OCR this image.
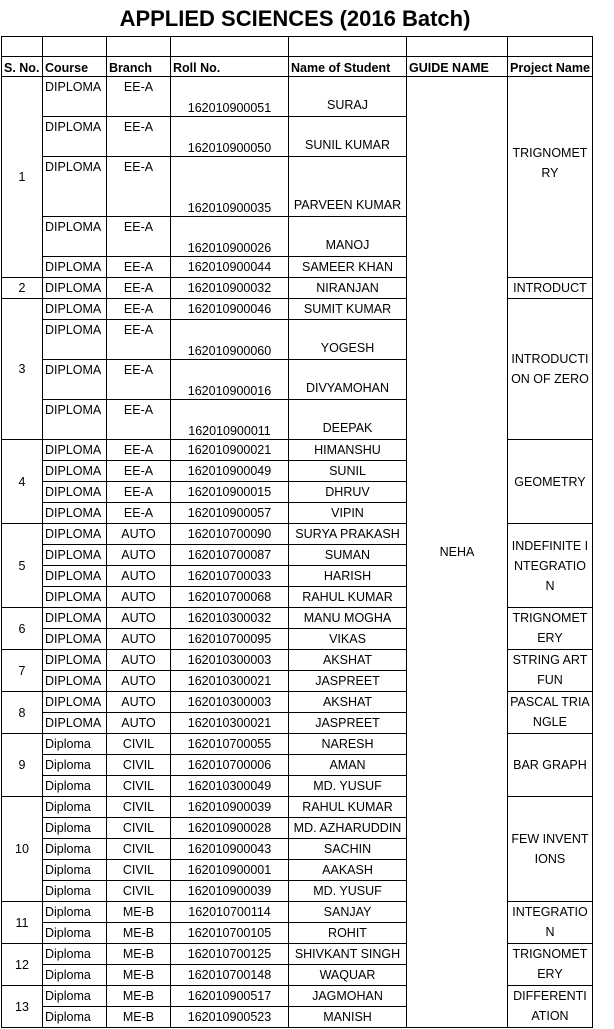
APPLIED SCIENCES (2016 Batch)

S. No.	Course	Branch	Roll No.	Name of Student	GUIDE NAME	Project Name
1	DIPLOMA	EE-A	162010900051	SURAJ	NEHA	TRIGNOMETRY
	DIPLOMA	EE-A	162010900050	SUNIL KUMAR		
	DIPLOMA	EE-A	162010900035	PARVEEN KUMAR		
	DIPLOMA	EE-A	162010900026	MANOJ		
	DIPLOMA	EE-A	162010900044	SAMEER KHAN		
2	DIPLOMA	EE-A	162010900032	NIRANJAN		INTRODUCT
3	DIPLOMA	EE-A	162010900046	SUMIT KUMAR		INTRODUCTION OF ZERO
	DIPLOMA	EE-A	162010900060	YOGESH		
	DIPLOMA	EE-A	162010900016	DIVYAMOHAN		
	DIPLOMA	EE-A	162010900011	DEEPAK		
4	DIPLOMA	EE-A	162010900021	HIMANSHU		GEOMETRY
	DIPLOMA	EE-A	162010900049	SUNIL		
	DIPLOMA	EE-A	162010900015	DHRUV		
	DIPLOMA	EE-A	162010900057	VIPIN		
5	DIPLOMA	AUTO	162010700090	SURYA PRAKASH		INDEFINITE INTEGRATION
	DIPLOMA	AUTO	162010700087	SUMAN		
	DIPLOMA	AUTO	162010700033	HARISH		
	DIPLOMA	AUTO	162010700068	RAHUL KUMAR		
6	DIPLOMA	AUTO	162010300032	MANU MOGHA		TRIGNOMETERY
	DIPLOMA	AUTO	162010700095	VIKAS		
7	DIPLOMA	AUTO	162010300003	AKSHAT		STRING ART FUN
	DIPLOMA	AUTO	162010300021	JASPREET		
8	DIPLOMA	AUTO	162010300003	AKSHAT		PASCAL TRIANGLE
	DIPLOMA	AUTO	162010300021	JASPREET		
9	Diploma	CIVIL	162010700055	NARESH		BAR GRAPH
	Diploma	CIVIL	162010700006	AMAN		
	Diploma	CIVIL	162010300049	MD. YUSUF		
10	Diploma	CIVIL	162010900039	RAHUL KUMAR		FEW INVENTIONS
	Diploma	CIVIL	162010900028	MD. AZHARUDDIN		
	Diploma	CIVIL	162010900043	SACHIN		
	Diploma	CIVIL	162010900001	AAKASH		
	Diploma	CIVIL	162010900039	MD. YUSUF		
11	Diploma	ME-B	162010700114	SANJAY		INTEGRATION
	Diploma	ME-B	162010700105	ROHIT		
12	Diploma	ME-B	162010700125	SHIVKANT SINGH		TRIGNOMETERY
	Diploma	ME-B	162010700148	WAQUAR		
13	Diploma	ME-B	162010900517	JAGMOHAN		DIFFERENTIATION
	Diploma	ME-B	162010900523	MANISH		
